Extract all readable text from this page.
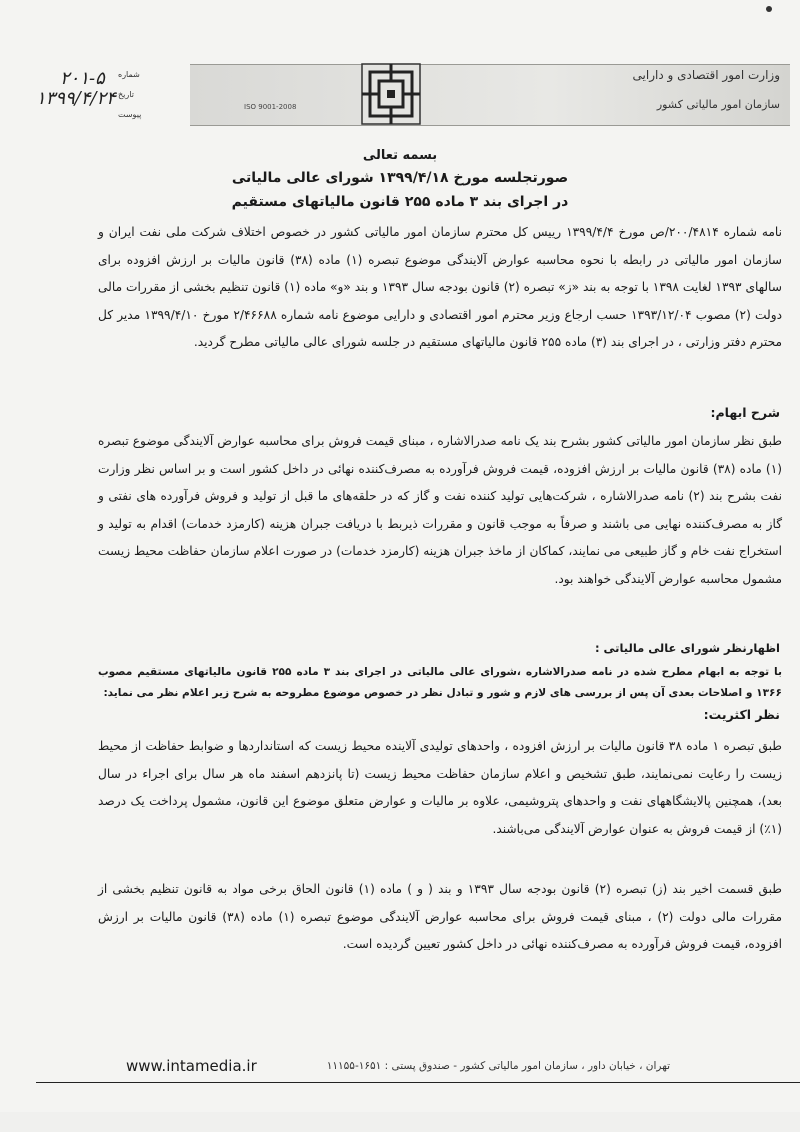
وزارت امور اقتصادی و دارایی
سازمان امور مالیاتی کشور
ISO 9001-2008
۲۰۱-۵
۱۳۹۹/۴/۲۴
شماره
تاریخ
پیوست
بسمه تعالی
صورتجلسه مورخ ۱۳۹۹/۴/۱۸ شورای عالی مالیاتی
در اجرای بند ۳ ماده ۲۵۵ قانون مالیاتهای مستقیم
نامه شماره ۲۰۰/۴۸۱۴/ص مورخ ۱۳۹۹/۴/۴ رییس کل محترم سازمان امور مالیاتی کشور در خصوص اختلاف شرکت ملی نفت ایران و سازمان امور مالیاتی در رابطه با نحوه محاسبه عوارض آلایندگی موضوع تبصره (۱) ماده (۳۸) قانون مالیات بر ارزش افزوده برای سالهای ۱۳۹۳ لغایت ۱۳۹۸ با توجه به بند «ز» تبصره (۲) قانون بودجه سال ۱۳۹۳ و بند «و» ماده (۱) قانون تنظیم بخشی از مقررات مالی دولت (۲) مصوب ۱۳۹۳/۱۲/۰۴ حسب ارجاع وزیر محترم امور اقتصادی و دارایی موضوع نامه شماره ۲/۴۶۶۸۸ مورخ ۱۳۹۹/۴/۱۰ مدیر کل محترم دفتر وزارتی ، در اجرای بند (۳) ماده ۲۵۵ قانون مالیاتهای مستقیم در جلسه شورای عالی مالیاتی مطرح گردید.
شرح ابهام:
طبق نظر سازمان امور مالیاتی کشور بشرح بند یک نامه صدرالاشاره ، مبنای قیمت فروش برای محاسبه عوارض آلایندگی موضوع تبصره (۱) ماده (۳۸) قانون مالیات بر ارزش افزوده، قیمت فروش فرآورده به مصرف‌کننده نهائی در داخل کشور است و بر اساس نظر وزارت نفت بشرح بند (۲) نامه صدرالاشاره ، شرکت‌هایی تولید کننده نفت و گاز که در حلقه‌های ما قبل از تولید و فروش فرآورده های نفتی و گاز به مصرف‌کننده نهایی می باشند و صرفاً به موجب قانون و مقررات ذیربط با دریافت جبران هزینه (کارمزد خدمات) اقدام به تولید و استخراج نفت خام و گاز طبیعی می نمایند، کماکان از ماخذ جبران هزینه (کارمزد خدمات) در صورت اعلام سازمان حفاظت محیط زیست مشمول محاسبه عوارض آلایندگی خواهند بود.
اظهارنظر شورای عالی مالیاتی :
با توجه به ابهام مطرح شده در نامه صدرالاشاره ،شورای عالی مالیاتی در اجرای بند ۳ ماده ۲۵۵ قانون مالیاتهای مستقیم مصوب ۱۳۶۶ و اصلاحات بعدی آن پس از بررسی های لازم و شور و تبادل نظر در خصوص موضوع مطروحه به شرح زیر اعلام نظر می نماید:
نظر اکثریت:
طبق تبصره ۱ ماده ۳۸ قانون مالیات بر ارزش افزوده ، واحدهای تولیدی آلاینده محیط زیست که استانداردها و ضوابط حفاظت از محیط زیست را رعایت نمی‌نمایند، طبق تشخیص و اعلام سازمان حفاظت محیط زیست (تا پانزدهم اسفند ماه هر سال برای اجراء در سال بعد)، همچنین پالایشگاههای نفت و واحدهای پتروشیمی، علاوه بر مالیات و عوارض متعلق موضوع این قانون، مشمول پرداخت یک درصد (۱٪) از قیمت فروش به عنوان عوارض آلایندگی می‌باشند.
طبق قسمت اخیر بند (ز) تبصره (۲) قانون بودجه سال ۱۳۹۳ و بند ( و ) ماده (۱) قانون الحاق برخی مواد به قانون تنظیم بخشی از مقررات مالی دولت (۲) ، مبنای قیمت فروش برای محاسبه عوارض آلایندگی موضوع تبصره (۱) ماده (۳۸) قانون مالیات بر ارزش افزوده، قیمت فروش فرآورده به مصرف‌کننده نهائی در داخل کشور تعیین گردیده است.
تهران ، خیابان داور ، سازمان امور مالیاتی کشور - صندوق پستی : ۱۶۵۱-۱۱۱۵۵
www.intamedia.ir
